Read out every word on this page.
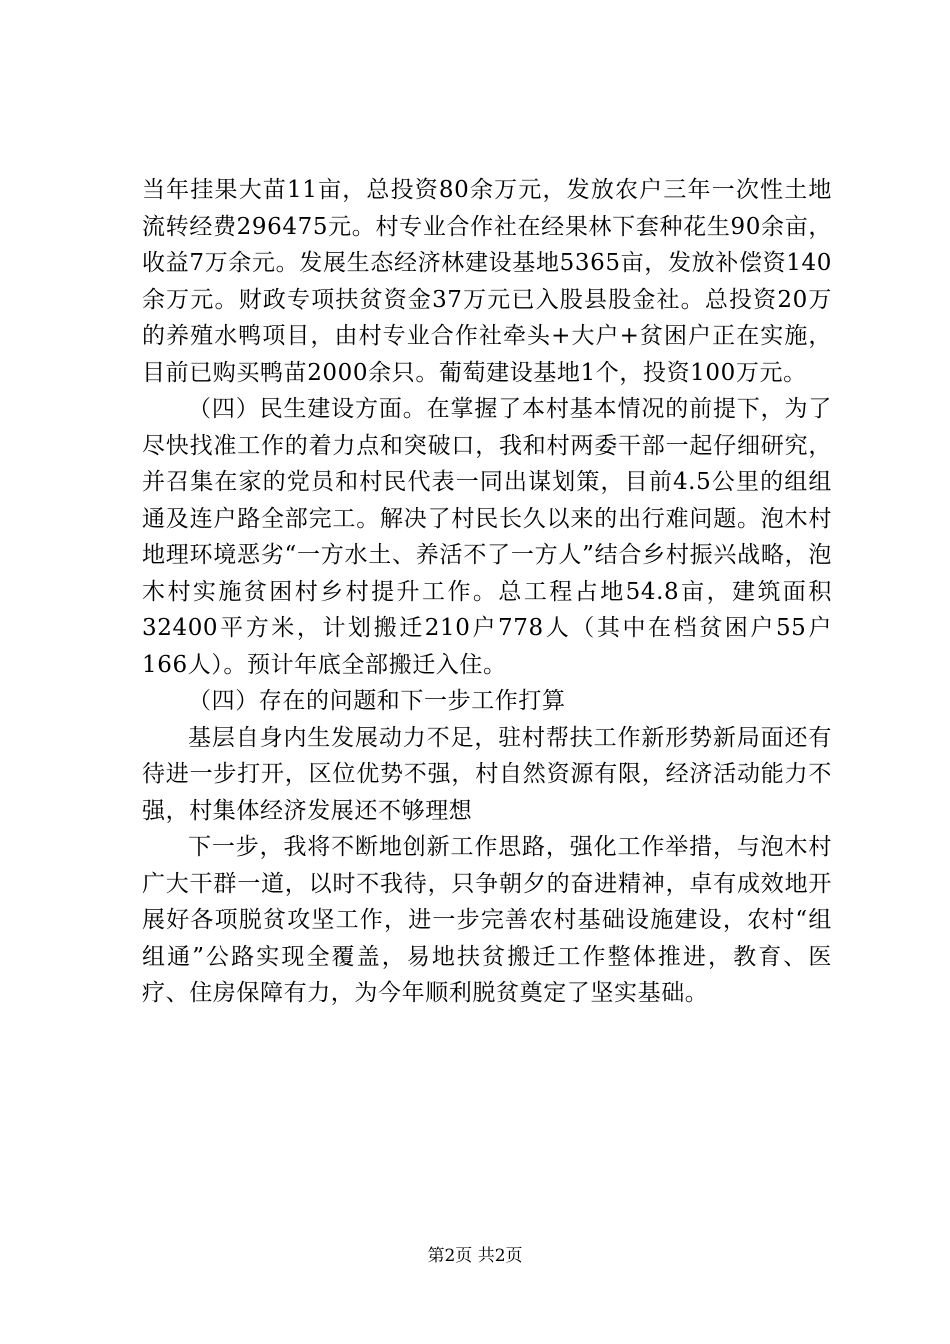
当年挂果大苗11亩，总投资80余万元，发放农户三年一次性土地流转经费296475元。村专业合作社在经果林下套种花生90余亩，收益7万余元。发展生态经济林建设基地5365亩，发放补偿资140余万元。财政专项扶贫资金37万元已入股县股金社。总投资20万的养殖水鸭项目，由村专业合作社牵头+大户+贫困户正在实施，目前已购买鸭苗2000余只。葡萄建设基地1个，投资100万元。

（四）民生建设方面。在掌握了本村基本情况的前提下，为了尽快找准工作的着力点和突破口，我和村两委干部一起仔细研究，并召集在家的党员和村民代表一同出谋划策，目前4.5公里的组组通及连户路全部完工。解决了村民长久以来的出行难问题。泡木村地理环境恶劣“一方水土、养活不了一方人”结合乡村振兴战略，泡木村实施贫困村乡村提升工作。总工程占地54.8亩，建筑面积32400平方米，计划搬迁210户778人（其中在档贫困户55户166人）。预计年底全部搬迁入住。

（四）存在的问题和下一步工作打算

基层自身内生发展动力不足，驻村帮扶工作新形势新局面还有待进一步打开，区位优势不强，村自然资源有限，经济活动能力不强，村集体经济发展还不够理想

下一步，我将不断地创新工作思路，强化工作举措，与泡木村广大干群一道，以时不我待，只争朝夕的奋进精神，卓有成效地开展好各项脱贫攻坚工作，进一步完善农村基础设施建设，农村“组组通”公路实现全覆盖，易地扶贫搬迁工作整体推进，教育、医疗、住房保障有力，为今年顺利脱贫奠定了坚实基础。

第2页 共2页
